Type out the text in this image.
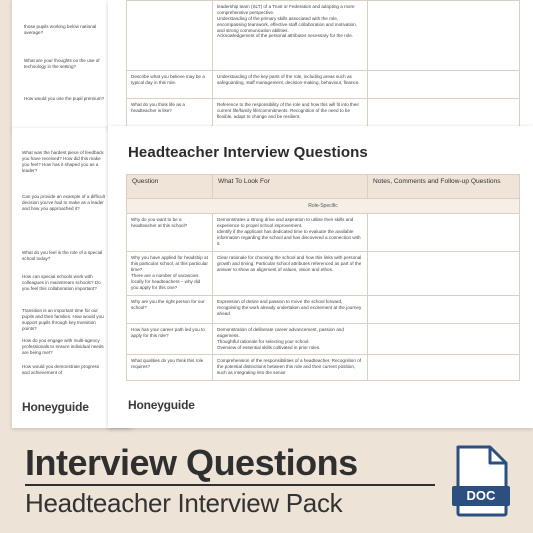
those pupils working below national average?
What are your thoughts on the use of technology in the setting?
How would you use the pupil premium?
What was the hardest piece of feedback you have received? How did this make you feel? How has it shaped you as a leader?
Can you provide an example of a difficult decision you've had to make as a leader and how you approached it?
What do you feel is the role of a special school today?
How can special schools work with colleagues in mainstream schools? Do you feel this collaboration important?
Transition is an important time for our pupils and their families. How would you support pupils through key transition points?
How do you engage with multi-agency professionals to ensure individual needs are being met?
How would you demonstrate progress and achievement of
Honeyguide
	leadership team (SLT) of a Trust or Federation and adopting a more comprehensive perspective.
Understanding of the primary skills associated with the role, encompassing teamwork, effective staff collaboration and motivation, and strong communication abilities.
Acknowledgement of the personal attributes necessary for the role.	
Describe what you believe may be a typical day in this role.	Understanding of the key parts of the role, including areas such as safeguarding, staff management, decision-making, behaviour, finance.	
What do you think life as a headteacher is like?	Reference to the responsibility of the role and how this will fit into their current life/family life/commitments. Recognition of the need to be flexible, adapt to change and be resilient.	
Headteacher Interview Questions
Question	What To Look For	Notes, Comments and Follow-up Questions
Role-Specific		
Why do you want to be a headteacher at this school?	Demonstrates a strong drive and aspiration to utilise their skills and experience to propel school improvement.
Identify if the applicant has dedicated time to evaluate the available information regarding the school and has discovered a connection with it.	
Why you have applied for headship at this particular school, at this particular time?
There are a number of vacancies locally for headteachers – why did you apply for this one?	Clear rationale for choosing the school and how this links with personal growth and timing. Particular school attributes referenced as part of the answer to show an alignment of values, vision and ethos.	
Why are you the right person for our school?	Expression of desire and passion to move the school forward, recognising the work already undertaken and excitement at the journey ahead.	
How has your career path led you to apply for this role?	Demonstration of deliberate career advancement, passion and eagerness.
Thoughtful rationale for selecting your school.
Overview of essential skills cultivated in prior roles.	
What qualities do you think this role requires?	Comprehension of the responsibilities of a headteacher. Recognition of the potential distinctions between this role and their current position, such as integrating into the senior	
Honeyguide
Interview Questions
Headteacher Interview Pack	DOC
